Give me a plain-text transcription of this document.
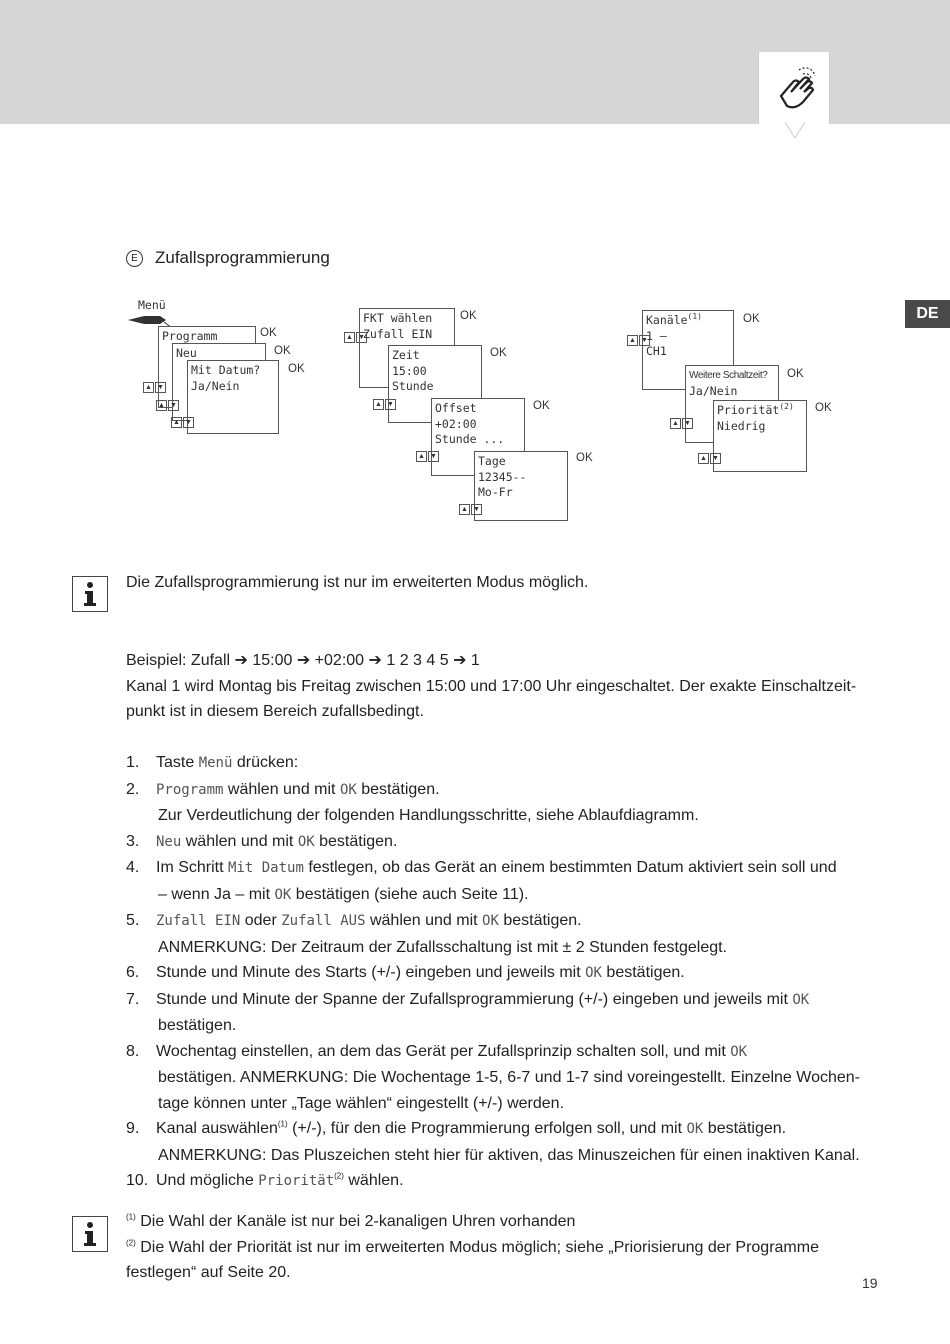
DE
E	Zufallsprogrammierung
Menü
Programm	OK
Neu	OK
Mit Datum?
Ja/Nein
OK
▲ ▼
▲ ▼
▲ ▼
FKT wählen
Zufall EIN
OK
Zeit
15:00
Stunde
OK
Offset
+02:00
Stunde ...
OK
Tage
12345--
Mo-Fr
OK
▲ ▼
▲ ▼
▲ ▼
▲ ▼
Kanäle$^{(1)}$
1 –
CH1
OK
Weitere Schaltzeit?
Ja/Nein
OK
Priorität$^{(2)}$
Niedrig
OK
▲ ▼
▲ ▼
▲ ▼
Die Zufallsprogrammierung ist nur im erweiterten Modus möglich.
Beispiel: Zufall ➔ 15:00 ➔ +02:00 ➔ 1 2 3 4 5 ➔ 1
Kanal 1 wird Montag bis Freitag zwischen 15:00 und 17:00 Uhr eingeschaltet. Der exakte Einschaltzeit-
punkt ist in diesem Bereich zufallsbedingt.
1. Taste Menü drücken:
2. Programm wählen und mit OK bestätigen.
Zur Verdeutlichung der folgenden Handlungsschritte, siehe Ablaufdiagramm.
3. Neu wählen und mit OK bestätigen.
4. Im Schritt Mit Datum festlegen, ob das Gerät an einem bestimmten Datum aktiviert sein soll und
– wenn Ja – mit OK bestätigen (siehe auch Seite 11).
5. Zufall EIN oder Zufall AUS wählen und mit OK bestätigen.
ANMERKUNG: Der Zeitraum der Zufallsschaltung ist mit ± 2 Stunden festgelegt.
6. Stunde und Minute des Starts (+/-) eingeben und jeweils mit OK bestätigen.
7. Stunde und Minute der Spanne der Zufallsprogrammierung (+/-) eingeben und jeweils mit OK
bestätigen.
8. Wochentag einstellen, an dem das Gerät per Zufallsprinzip schalten soll, und mit OK
bestätigen. ANMERKUNG: Die Wochentage 1-5, 6-7 und 1-7 sind voreingestellt. Einzelne Wochen-
tage können unter „Tage wählen“ eingestellt (+/-) werden.
9. Kanal auswählen$^{(1)}$ (+/-), für den die Programmierung erfolgen soll, und mit OK bestätigen.
ANMERKUNG: Das Pluszeichen steht hier für aktiven, das Minuszeichen für einen inaktiven Kanal.
10. Und mögliche Priorität$^{(2)}$ wählen.
$^{(1)}$ Die Wahl der Kanäle ist nur bei 2-kanaligen Uhren vorhanden
$^{(2)}$ Die Wahl der Priorität ist nur im erweiterten Modus möglich; siehe „Priorisierung der Programme
festlegen“ auf Seite 20.
19
